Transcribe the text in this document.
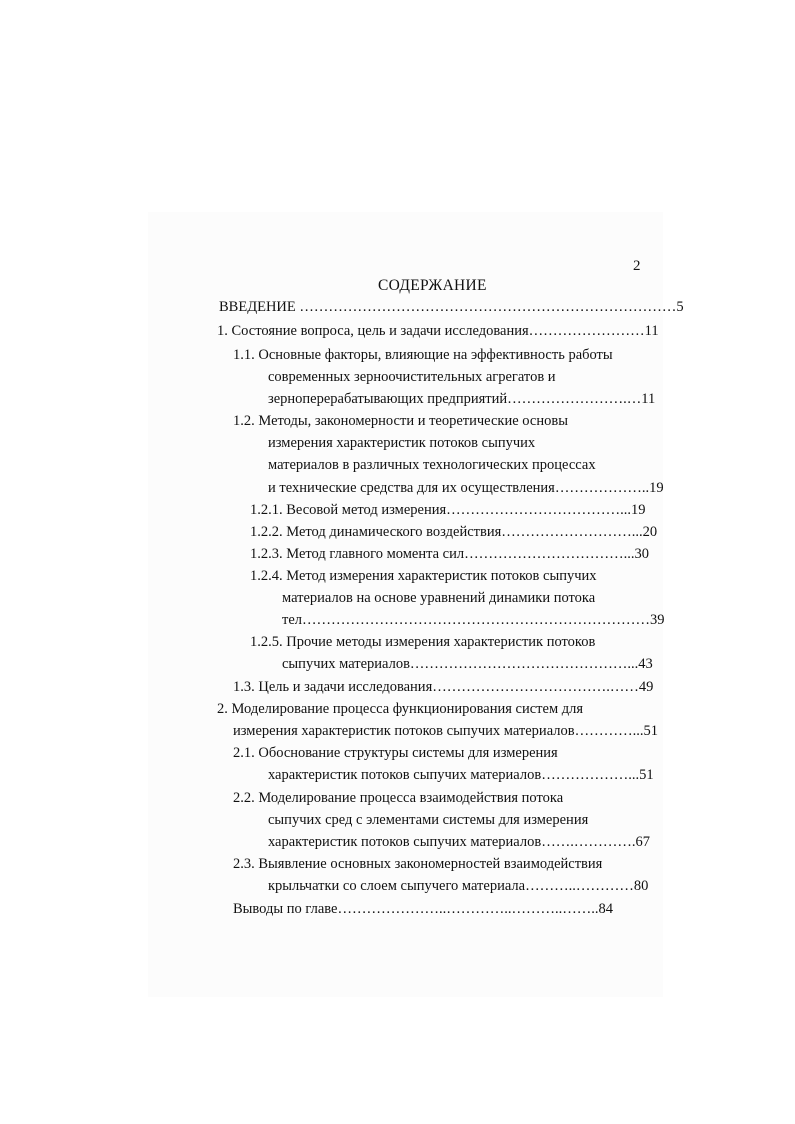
2

СОДЕРЖАНИЕ

ВВЕДЕНИЕ ……………………………………………………………………5

1. Состояние вопроса, цель и задачи исследования……………………11

1.1. Основные факторы, влияющие на эффективность работы

современных зерноочистительных агрегатов и

зерноперерабатывающих предприятий…………………….…11

1.2. Методы, закономерности и теоретические основы

измерения характеристик потоков сыпучих

материалов в различных технологических процессах

и технические средства для их осуществления………………..19

1.2.1. Весовой метод измерения………………………………...19

1.2.2. Метод динамического воздействия………………………...20

1.2.3. Метод главного момента сил……………………………...30

1.2.4. Метод измерения характеристик потоков сыпучих

материалов на основе уравнений динамики потока

тел………………………………………………………………39

1.2.5. Прочие методы измерения характеристик потоков

сыпучих материалов………………………………………...43

1.3. Цель и задачи исследования……………………………….……49

2. Моделирование процесса функционирования систем для

измерения характеристик потоков сыпучих материалов…………...51

2.1. Обоснование структуры системы для измерения

характеристик потоков сыпучих материалов………………...51

2.2. Моделирование процесса взаимодействия потока

сыпучих сред с элементами системы для измерения

характеристик потоков сыпучих материалов…….………….67

2.3. Выявление основных закономерностей взаимодействия

крыльчатки со слоем сыпучего материала………..…………80

Выводы по главе…………………..…………..………..……..84
